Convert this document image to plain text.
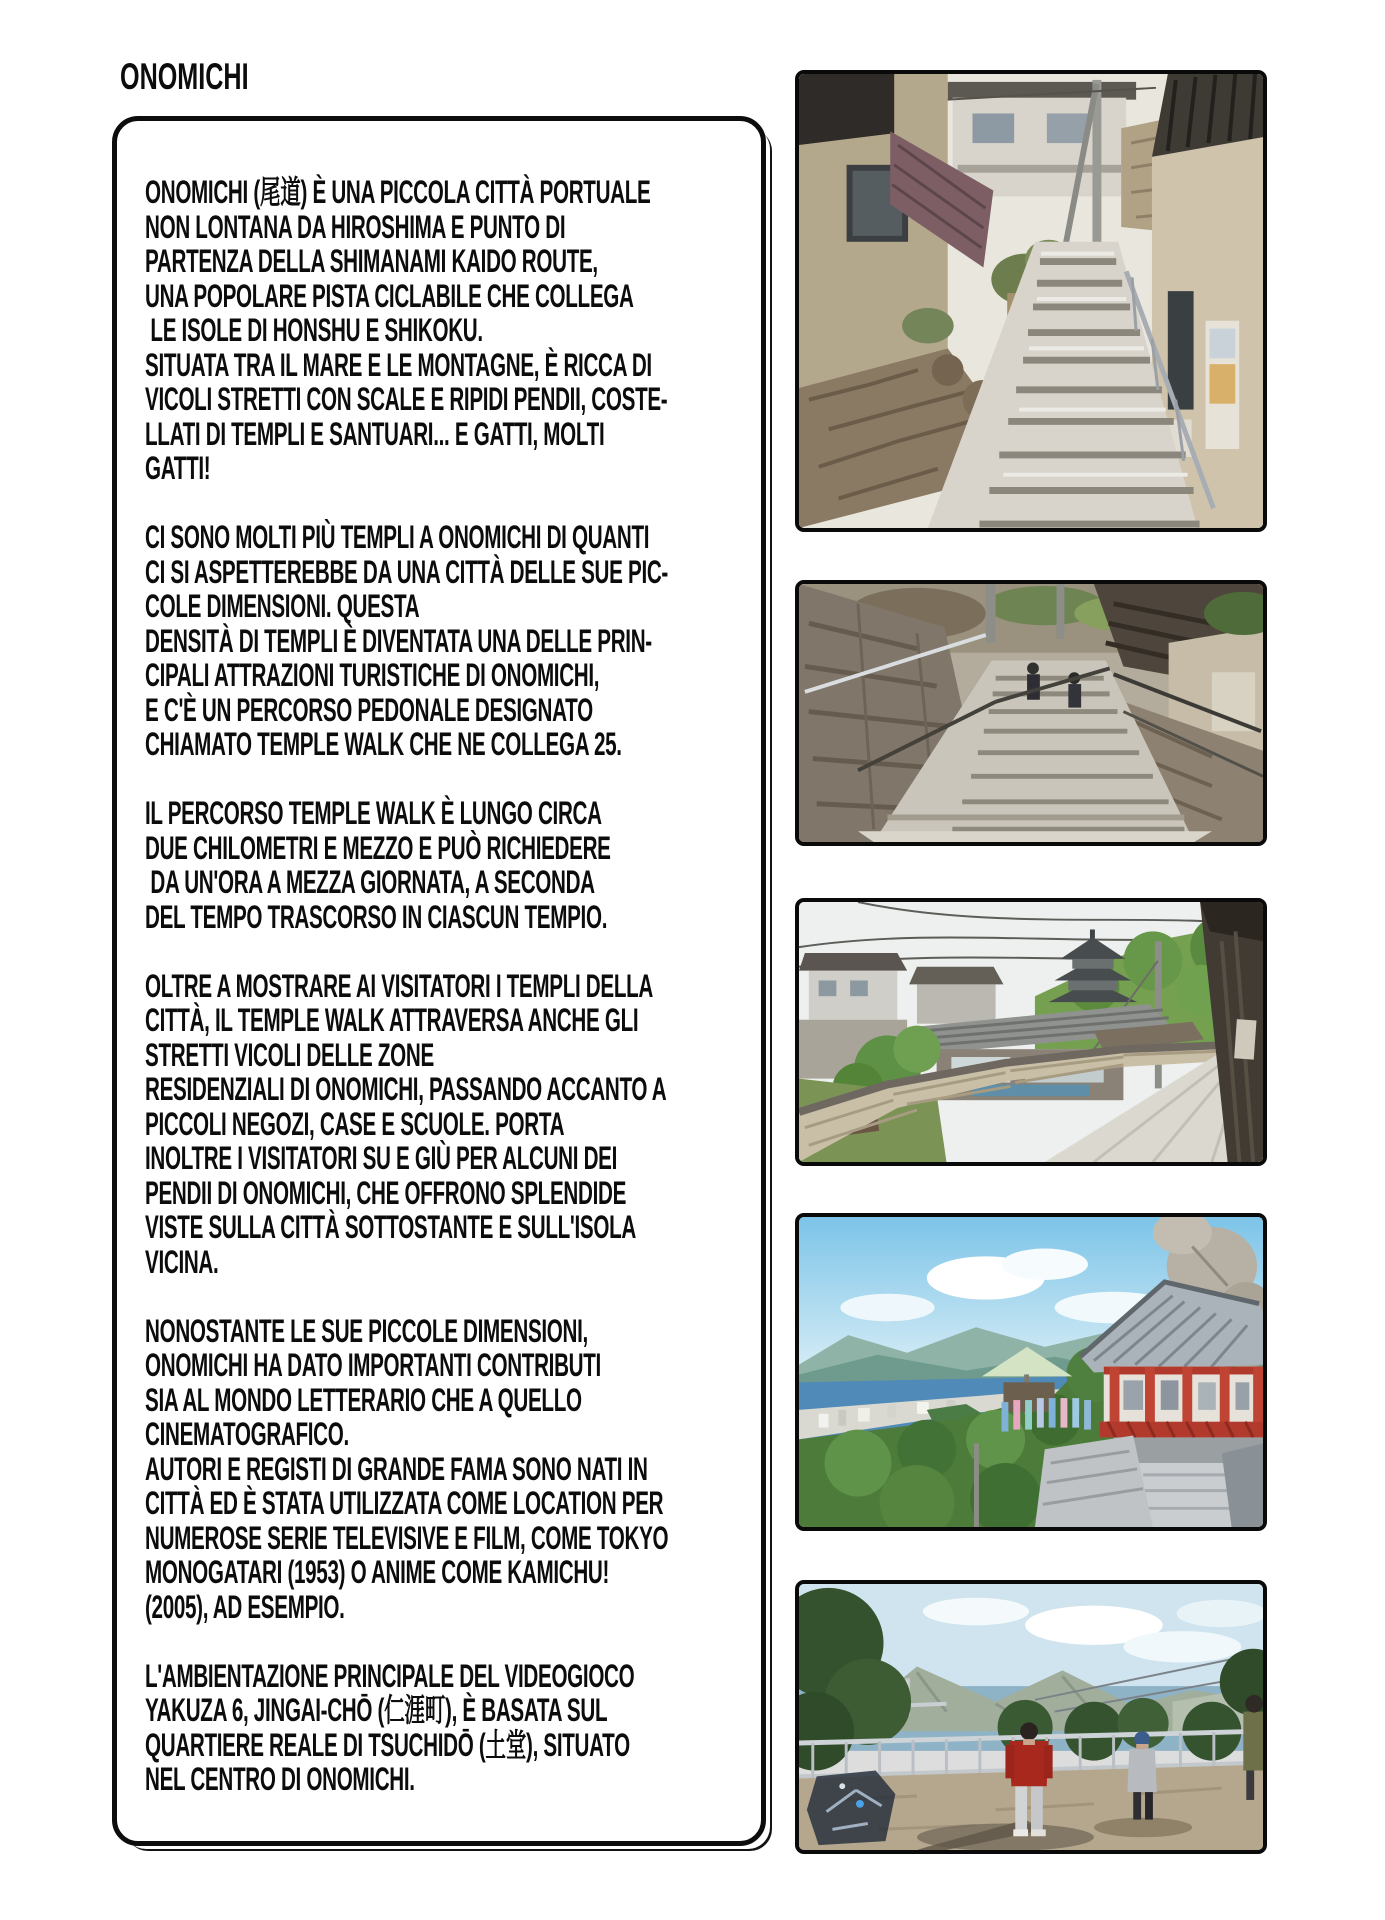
ONOMICHI
ONOMICHI (尾道) È UNA PICCOLA CITTÀ PORTUALE
NON LONTANA DA HIROSHIMA E PUNTO DI
PARTENZA DELLA SHIMANAMI KAIDO ROUTE,
UNA POPOLARE PISTA CICLABILE CHE COLLEGA
LE ISOLE DI HONSHU E SHIKOKU.
SITUATA TRA IL MARE E LE MONTAGNE, È RICCA DI
VICOLI STRETTI CON SCALE E RIPIDI PENDII, COSTE-
LLATI DI TEMPLI E SANTUARI... E GATTI, MOLTI
GATTI!
CI SONO MOLTI PIÙ TEMPLI A ONOMICHI DI QUANTI
CI SI ASPETTEREBBE DA UNA CITTÀ DELLE SUE PIC-
COLE DIMENSIONI. QUESTA
DENSITÀ DI TEMPLI È DIVENTATA UNA DELLE PRIN-
CIPALI ATTRAZIONI TURISTICHE DI ONOMICHI,
E C'È UN PERCORSO PEDONALE DESIGNATO
CHIAMATO TEMPLE WALK CHE NE COLLEGA 25.
IL PERCORSO TEMPLE WALK È LUNGO CIRCA
DUE CHILOMETRI E MEZZO E PUÒ RICHIEDERE
DA UN'ORA A MEZZA GIORNATA, A SECONDA
DEL TEMPO TRASCORSO IN CIASCUN TEMPIO.
OLTRE A MOSTRARE AI VISITATORI I TEMPLI DELLA
CITTÀ, IL TEMPLE WALK ATTRAVERSA ANCHE GLI
STRETTI VICOLI DELLE ZONE
RESIDENZIALI DI ONOMICHI, PASSANDO ACCANTO A
PICCOLI NEGOZI, CASE E SCUOLE. PORTA
INOLTRE I VISITATORI SU E GIÙ PER ALCUNI DEI
PENDII DI ONOMICHI, CHE OFFRONO SPLENDIDE
VISTE SULLA CITTÀ SOTTOSTANTE E SULL'ISOLA
VICINA.
NONOSTANTE LE SUE PICCOLE DIMENSIONI,
ONOMICHI HA DATO IMPORTANTI CONTRIBUTI
SIA AL MONDO LETTERARIO CHE A QUELLO
CINEMATOGRAFICO.
AUTORI E REGISTI DI GRANDE FAMA SONO NATI IN
CITTÀ ED È STATA UTILIZZATA COME LOCATION PER
NUMEROSE SERIE TELEVISIVE E FILM, COME TOKYO
MONOGATARI (1953) O ANIME COME KAMICHU!
(2005), AD ESEMPIO.
L'AMBIENTAZIONE PRINCIPALE DEL VIDEOGIOCO
YAKUZA 6, JINGAI-CHŌ (仁涯町), È BASATA SUL
QUARTIERE REALE DI TSUCHIDŌ (土堂), SITUATO
NEL CENTRO DI ONOMICHI.
